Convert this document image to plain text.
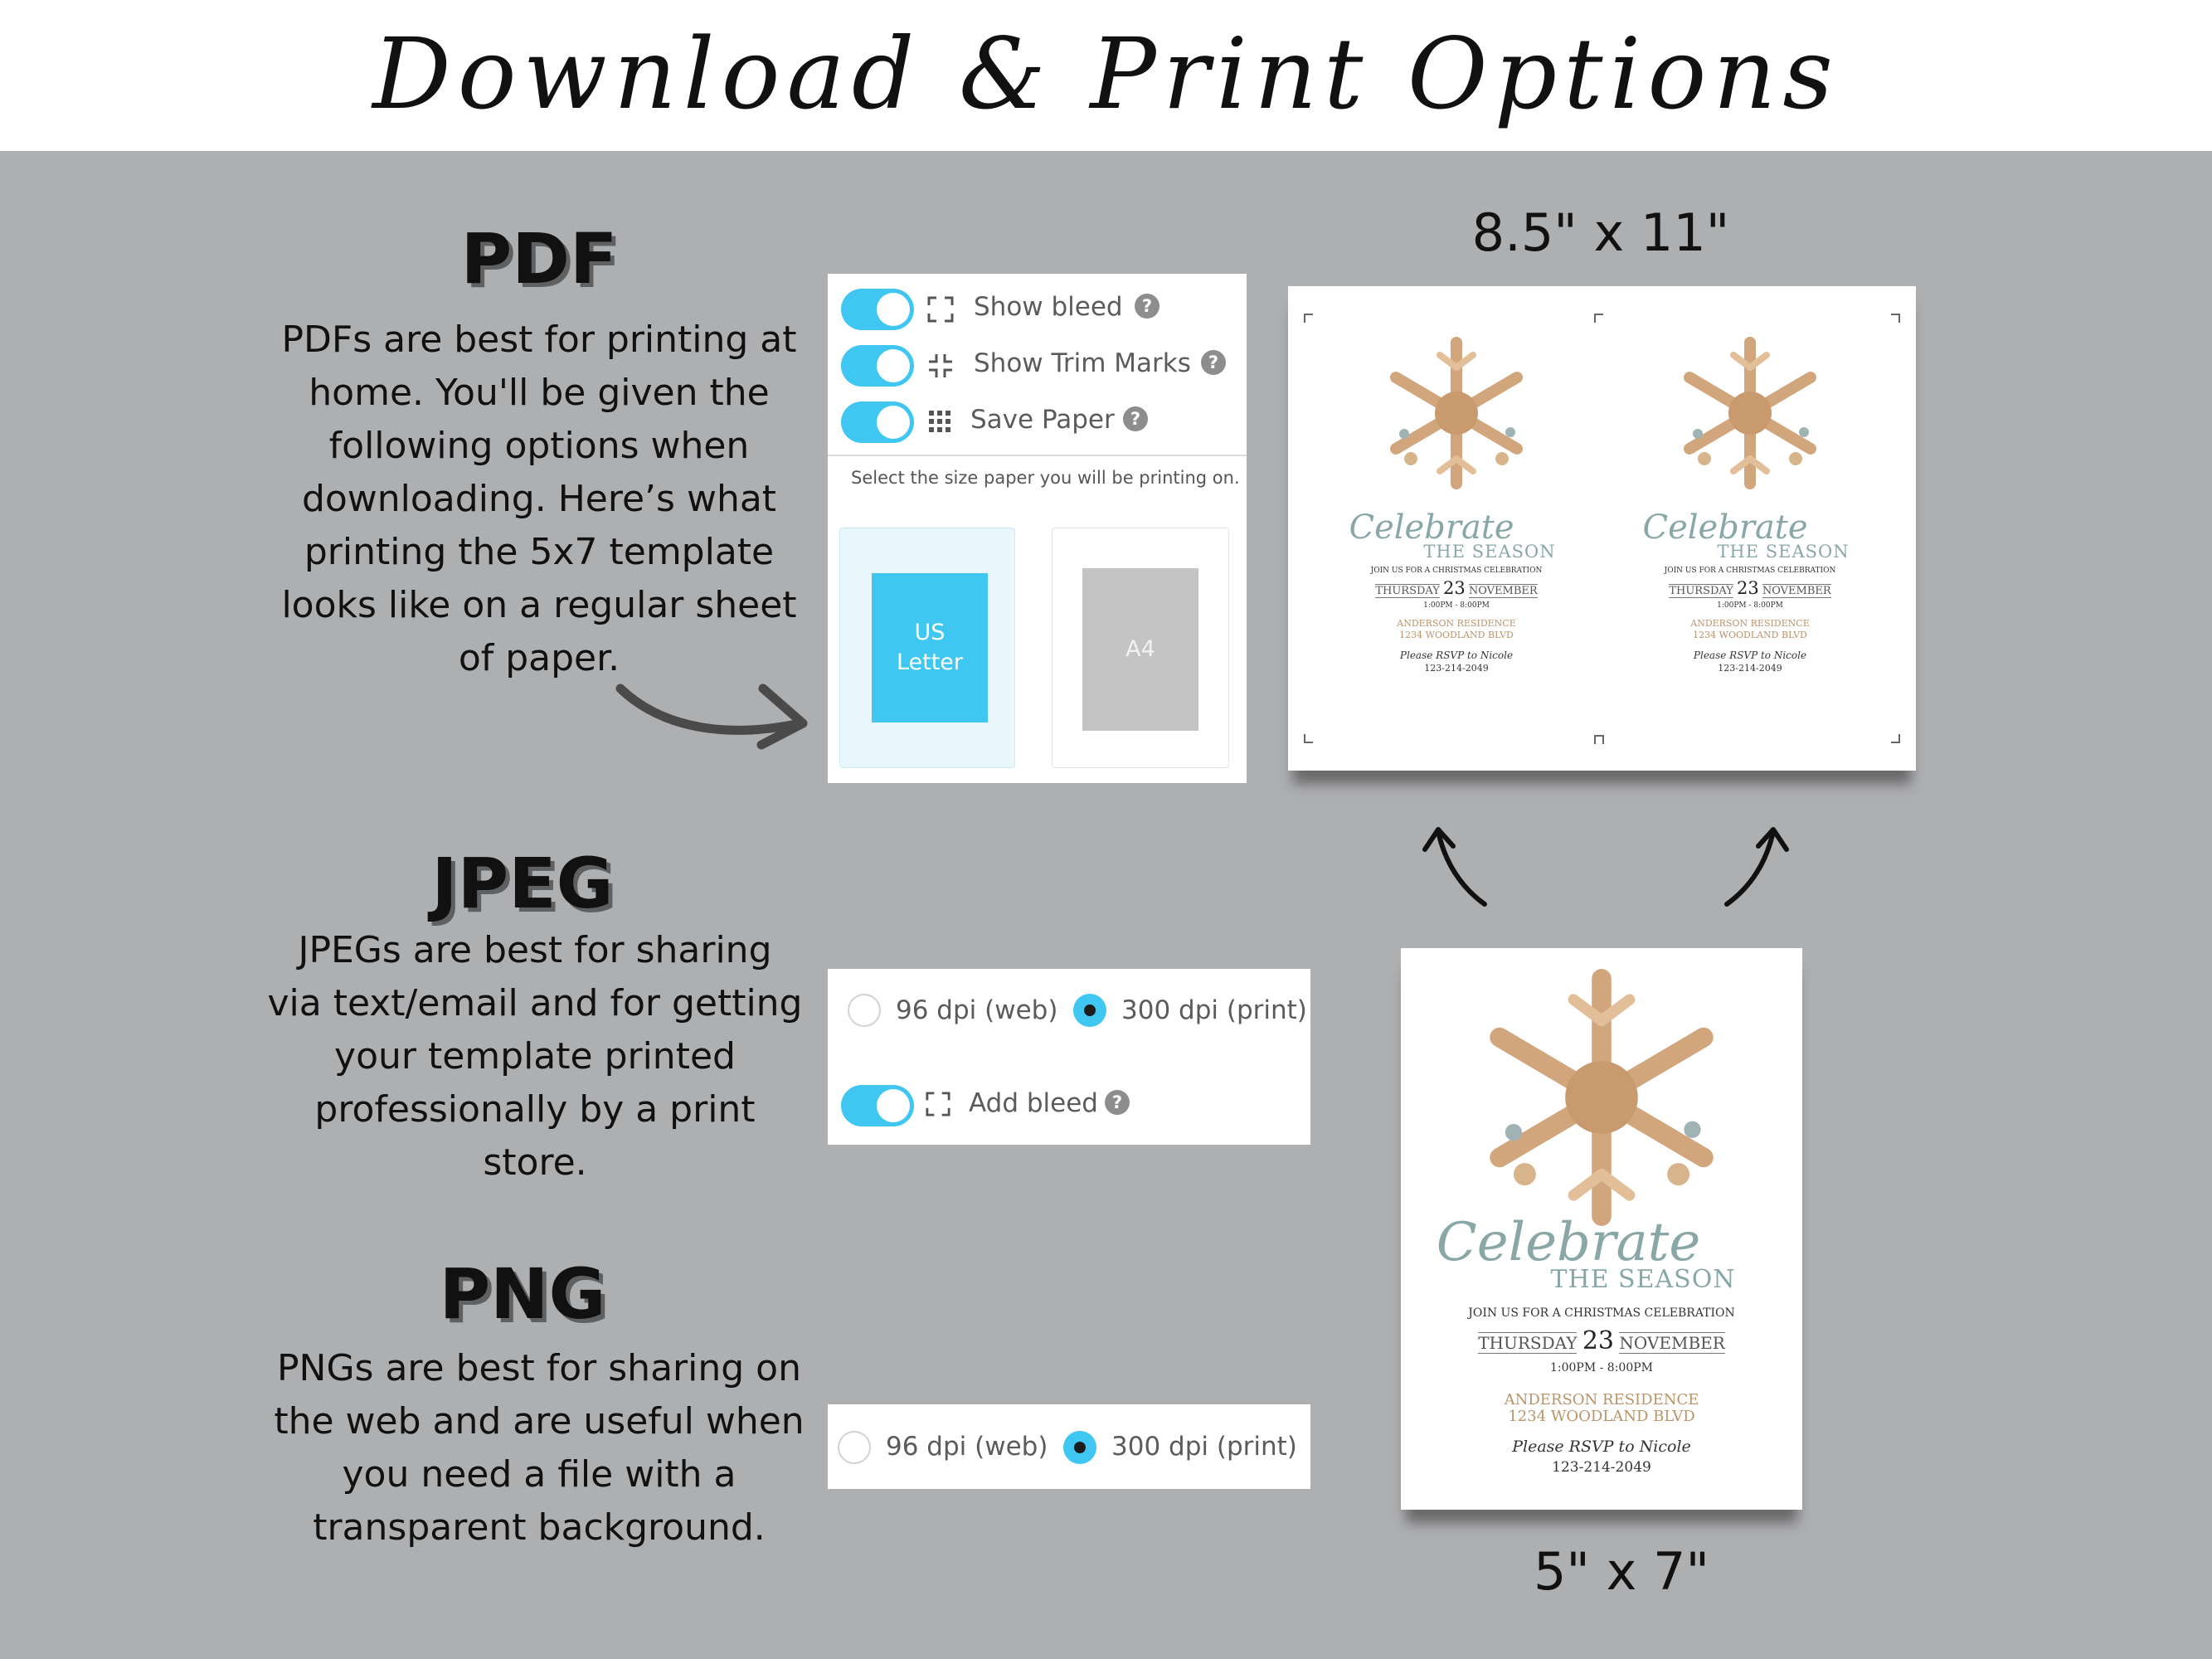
Download & Print Options
PDF
PDFs are best for printing at
home. You'll be given the
following options when
downloading. Here’s what
printing the 5x7 template
looks like on a regular sheet
of paper.
Show bleed	?
Show Trim Marks	?
Save Paper ?
Select the size paper you will be printing on.
US
Letter
A4
JPEG
JPEGs are best for sharing
via text/email and for getting
your template printed
professionally by a print
store.
96 dpi (web) 300 dpi (print)
Add bleed ?
PNG
PNGs are best for sharing on
the web and are useful when
you need a file with a
transparent background.
96 dpi (web) 300 dpi (print)
8.5" x 11"
Celebrate
THE SEASON
JOIN US FOR A CHRISTMAS CELEBRATION
THURSDAY 23 NOVEMBER
1:00PM - 8:00PM
ANDERSON RESIDENCE
1234 WOODLAND BLVD
Please RSVP to Nicole
123-214-2049
Celebrate
THE SEASON
JOIN US FOR A CHRISTMAS CELEBRATION
THURSDAY 23 NOVEMBER
1:00PM - 8:00PM
ANDERSON RESIDENCE
1234 WOODLAND BLVD
Please RSVP to Nicole
123-214-2049
Celebrate
THE SEASON
JOIN US FOR A CHRISTMAS CELEBRATION
THURSDAY 23 NOVEMBER
1:00PM - 8:00PM
ANDERSON RESIDENCE
1234 WOODLAND BLVD
Please RSVP to Nicole
123-214-2049
5" x 7"
